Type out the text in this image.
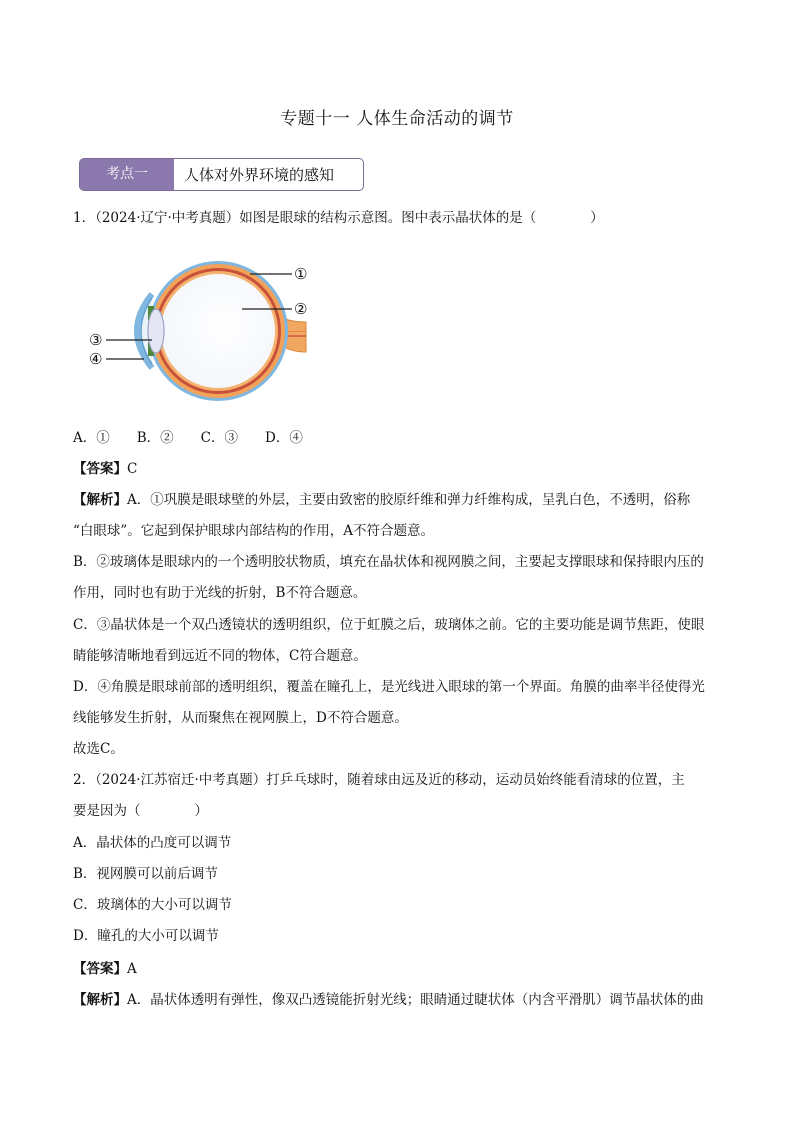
专题十一 人体生命活动的调节
考点一	人体对外界环境的感知
1．（2024·辽宁·中考真题）如图是眼球的结构示意图。图中表示晶状体的是（　　　　）
①
②
③
④
A．①　　B．②　　C．③　　D．④
【答案】C
【解析】A．①巩膜是眼球壁的外层，主要由致密的胶原纤维和弹力纤维构成，呈乳白色，不透明，俗称
“白眼球”。它起到保护眼球内部结构的作用，A不符合题意。
B．②玻璃体是眼球内的一个透明胶状物质，填充在晶状体和视网膜之间，主要起支撑眼球和保持眼内压的
作用，同时也有助于光线的折射，B不符合题意。
C．③晶状体是一个双凸透镜状的透明组织，位于虹膜之后，玻璃体之前。它的主要功能是调节焦距，使眼
睛能够清晰地看到远近不同的物体，C符合题意。
D．④角膜是眼球前部的透明组织，覆盖在瞳孔上，是光线进入眼球的第一个界面。角膜的曲率半径使得光
线能够发生折射，从而聚焦在视网膜上，D不符合题意。
故选C。
2．（2024·江苏宿迁·中考真题）打乒乓球时，随着球由远及近的移动，运动员始终能看清球的位置，主
要是因为（　　　　）
A．晶状体的凸度可以调节
B．视网膜可以前后调节
C．玻璃体的大小可以调节
D．瞳孔的大小可以调节
【答案】A
【解析】A．晶状体透明有弹性，像双凸透镜能折射光线；眼睛通过睫状体（内含平滑肌）调节晶状体的曲
